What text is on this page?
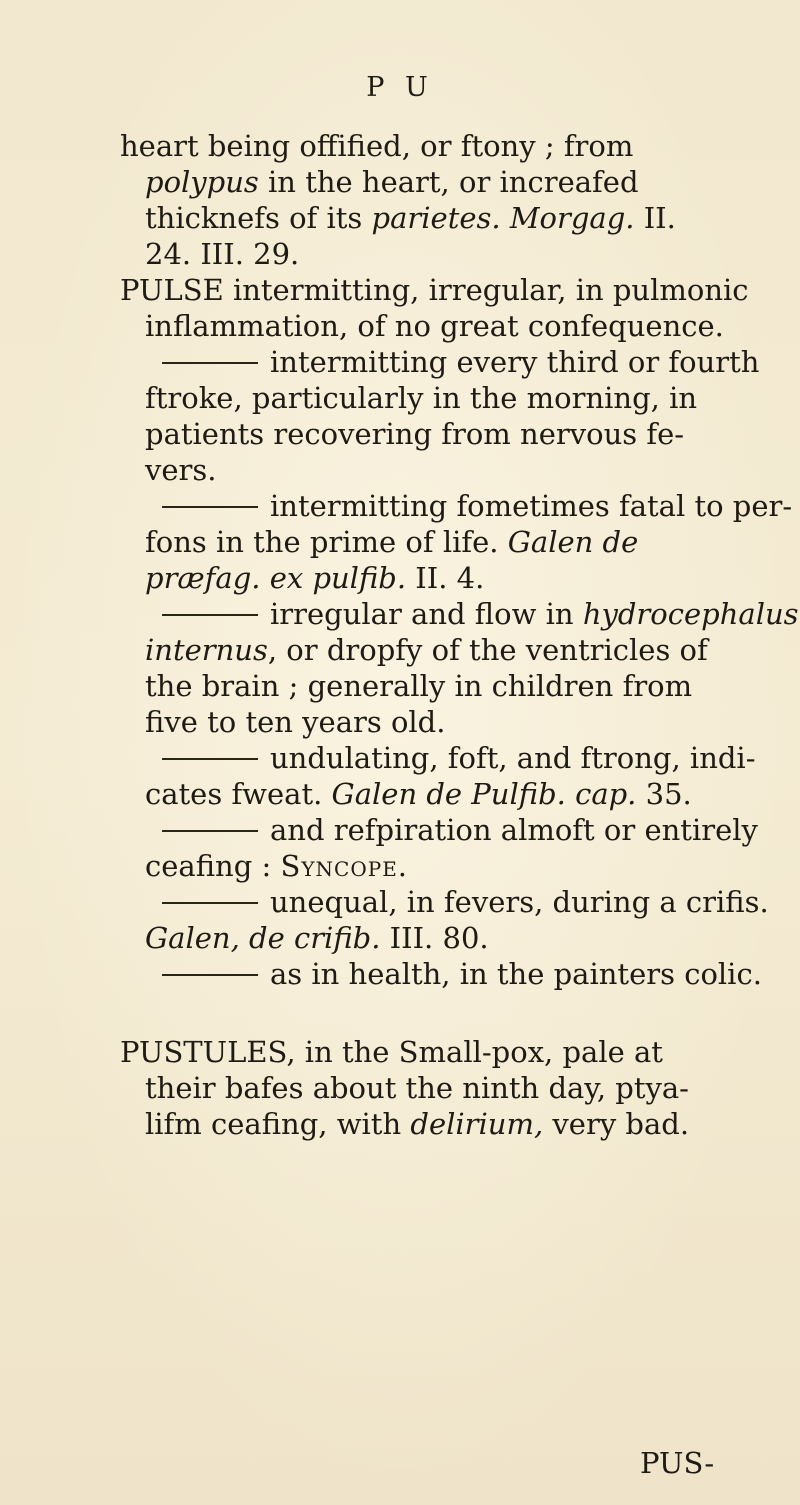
P U
heart being offified, or ftony ; from
polypus in the heart, or increafed
thicknefs of its parietes. Morgag. II.
24. III. 29.
PULSE intermitting, irregular, in pulmonic
inflammation, of no great confequence.
intermitting every third or fourth
ftroke, particularly in the morning, in
patients recovering from nervous fe-
vers.
intermitting fometimes fatal to per-
fons in the prime of life. Galen de
præfag. ex pulfib. II. 4.
irregular and flow in hydrocephalus
internus, or dropfy of the ventricles of
the brain ; generally in children from
five to ten years old.
undulating, foft, and ftrong, indi-
cates fweat. Galen de Pulfib. cap. 35.
and refpiration almoft or entirely
ceafing : Syncope.
unequal, in fevers, during a crifis.
Galen, de crifib. III. 80.
as in health, in the painters colic.
PUSTULES, in the Small-pox, pale at
their bafes about the ninth day, ptya-
lifm ceafing, with delirium, very bad.
PUS-
